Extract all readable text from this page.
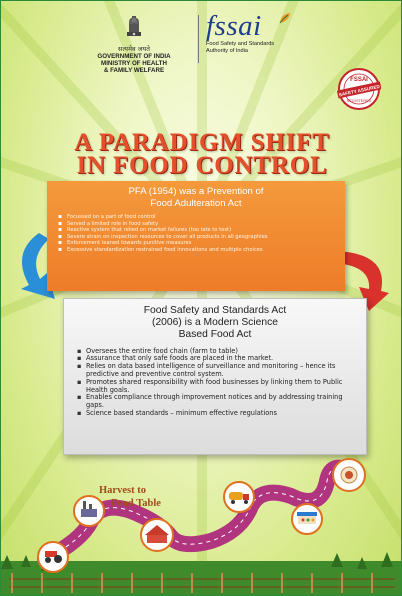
सत्यमेव जयते
GOVERNMENT OF INDIA
MINISTRY OF HEALTH
& FAMILY WELFARE
fssai
Food Safety and Standards
Authority of India
FSSAI
SAFETY ASSURED
REGISTERED
A PARADIGM SHIFT
IN FOOD CONTROL
PFA (1954) was a Prevention of
Food Adulteration Act
▪ Focussed on a part of food control
▪ Served a limited role in food safety
▪ Reactive system that relied on market failures (too late to test)
▪ Severe strain on inspection resources to cover all products in all geographies
▪ Enforcement leaned towards punitive measures
▪ Excessive standardization restrained food innovations and multiple choices
Food Safety and Standards Act
(2006) is a Modern Science
Based Food Act
▪ Oversees the entire food chain (farm to table)
▪ Assurance that only safe foods are placed in the market.
▪ Relies on data based intelligence of surveillance and monitoring – hence its predictive and preventive control system.
▪ Promotes shared responsibility with food businesses by linking them to Public Health goals.
▪ Enables compliance through improvement notices and by addressing training gaps.
▪ Science based standards – minimum effective regulations
Harvest to
Food Table
